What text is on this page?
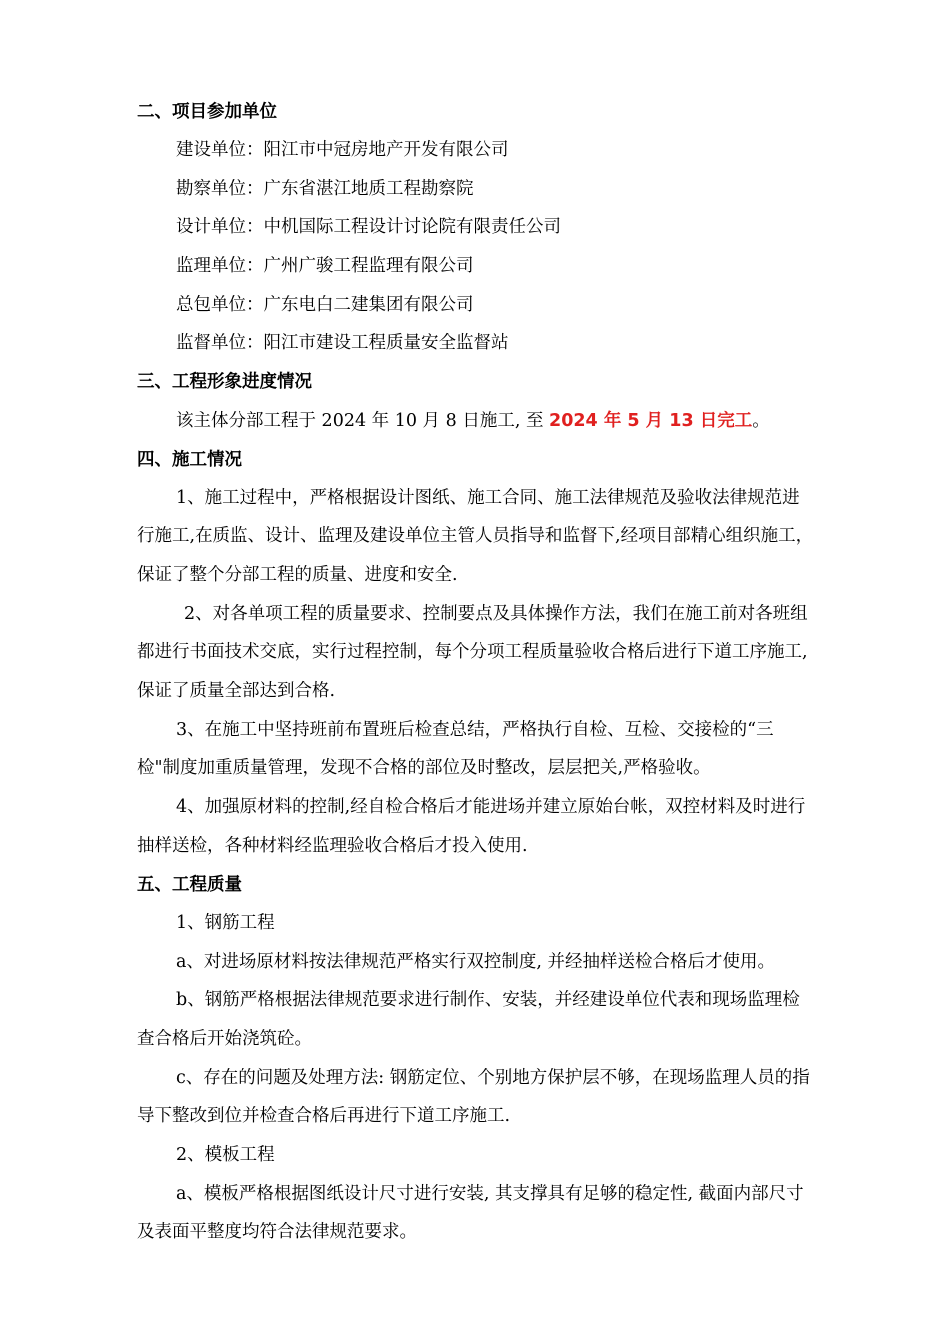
二、项目参加单位

建设单位：阳江市中冠房地产开发有限公司

勘察单位：广东省湛江地质工程勘察院

设计单位：中机国际工程设计讨论院有限责任公司

监理单位：广州广骏工程监理有限公司

总包单位：广东电白二建集团有限公司

监督单位：阳江市建设工程质量安全监督站

三、工程形象进度情况

该主体分部工程于 2024 年 10 月 8 日施工, 至 2024 年 5 月 13 日完工。

四、施工情况

1、施工过程中，严格根据设计图纸、施工合同、施工法律规范及验收法律规范进

行施工,在质监、设计、监理及建设单位主管人员指导和监督下,经项目部精心组织施工，

保证了整个分部工程的质量、进度和安全.

2、对各单项工程的质量要求、控制要点及具体操作方法，我们在施工前对各班组

都进行书面技术交底，实行过程控制，每个分项工程质量验收合格后进行下道工序施工,

保证了质量全部达到合格.

3、在施工中坚持班前布置班后检查总结，严格执行自检、互检、交接检的“三

检"制度加重质量管理，发现不合格的部位及时整改，层层把关,严格验收。

4、加强原材料的控制,经自检合格后才能进场并建立原始台帐，双控材料及时进行

抽样送检，各种材料经监理验收合格后才投入使用.

五、工程质量

1、钢筋工程

a、对进场原材料按法律规范严格实行双控制度, 并经抽样送检合格后才使用。

b、钢筋严格根据法律规范要求进行制作、安装，并经建设单位代表和现场监理检

查合格后开始浇筑砼。

c、存在的问题及处理方法: 钢筋定位、个别地方保护层不够，在现场监理人员的指

导下整改到位并检查合格后再进行下道工序施工.

2、模板工程

a、模板严格根据图纸设计尺寸进行安装, 其支撑具有足够的稳定性, 截面内部尺寸

及表面平整度均符合法律规范要求。
